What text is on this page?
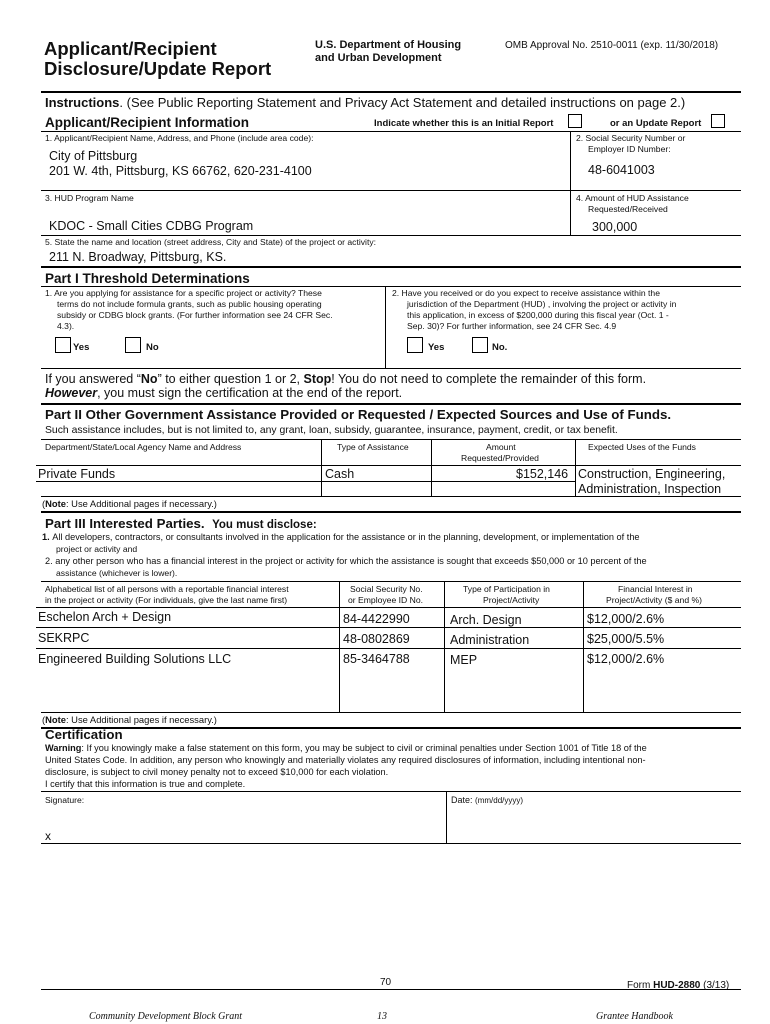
Applicant/Recipient
Disclosure/Update Report
U.S. Department of Housing
and Urban Development
OMB Approval No. 2510-0011 (exp. 11/30/2018)
Instructions. (See Public Reporting Statement and Privacy Act Statement and detailed instructions on page 2.)
Applicant/Recipient Information	Indicate whether this is an Initial Report	or an Update Report
1. Applicant/Recipient Name, Address, and Phone (include area code):
City of Pittsburg
201 W. 4th, Pittsburg, KS 66762, 620-231-4100
2. Social Security Number or
Employer ID Number:
48-6041003
3. HUD Program Name
KDOC - Small Cities CDBG Program
4. Amount of HUD Assistance
Requested/Received
300,000
5. State the name and location (street address, City and State) of the project or activity:
211 N. Broadway, Pittsburg, KS.
Part I Threshold Determinations
1. Are you applying for assistance for a specific project or activity? These
terms do not include formula grants, such as public housing operating
subsidy or CDBG block grants. (For further information see 24 CFR Sec.
4.3).
Yes	No
2. Have you received or do you expect to receive assistance within the
jurisdiction of the Department (HUD) , involving the project or activity in
this application, in excess of $200,000 during this fiscal year (Oct. 1 -
Sep. 30)? For further information, see 24 CFR Sec. 4.9
Yes	No.
If you answered “No” to either question 1 or 2, Stop! You do not need to complete the remainder of this form.
However, you must sign the certification at the end of the report.
Part II Other Government Assistance Provided or Requested / Expected Sources and Use of Funds.
Such assistance includes, but is not limited to, any grant, loan, subsidy, guarantee, insurance, payment, credit, or tax benefit.
Department/State/Local Agency Name and Address	Type of Assistance	Amount
Requested/Provided
Expected Uses of the Funds
Private Funds	Cash	$152,146 Construction, Engineering,
Administration, Inspection
(Note: Use Additional pages if necessary.)
Part III Interested Parties. You must disclose:
1. All developers, contractors, or consultants involved in the application for the assistance or in the planning, development, or implementation of the
project or activity and
2. any other person who has a financial interest in the project or activity for which the assistance is sought that exceeds $50,000 or 10 percent of the
assistance (whichever is lower).
Alphabetical list of all persons with a reportable financial interest
in the project or activity (For individuals, give the last name first)
Social Security No.
or Employee ID No.
Type of Participation in
Project/Activity
Financial Interest in
Project/Activity ($ and %)
Eschelon Arch + Design	84-4422990	Arch. Design	$12,000/2.6%
SEKRPC	48-0802869	Administration	$25,000/5.5%
Engineered Building Solutions LLC	85-3464788	MEP	$12,000/2.6%
(Note: Use Additional pages if necessary.)
Certification
Warning: If you knowingly make a false statement on this form, you may be subject to civil or criminal penalties under Section 1001 of Title 18 of the
United States Code. In addition, any person who knowingly and materially violates any required disclosures of information, including intentional non-
disclosure, is subject to civil money penalty not to exceed $10,000 for each violation.
I certify that this information is true and complete.
Signature:
x
Date: (mm/dd/yyyy)
70	Form HUD-2880 (3/13)
Community Development Block Grant	13	Grantee Handbook
